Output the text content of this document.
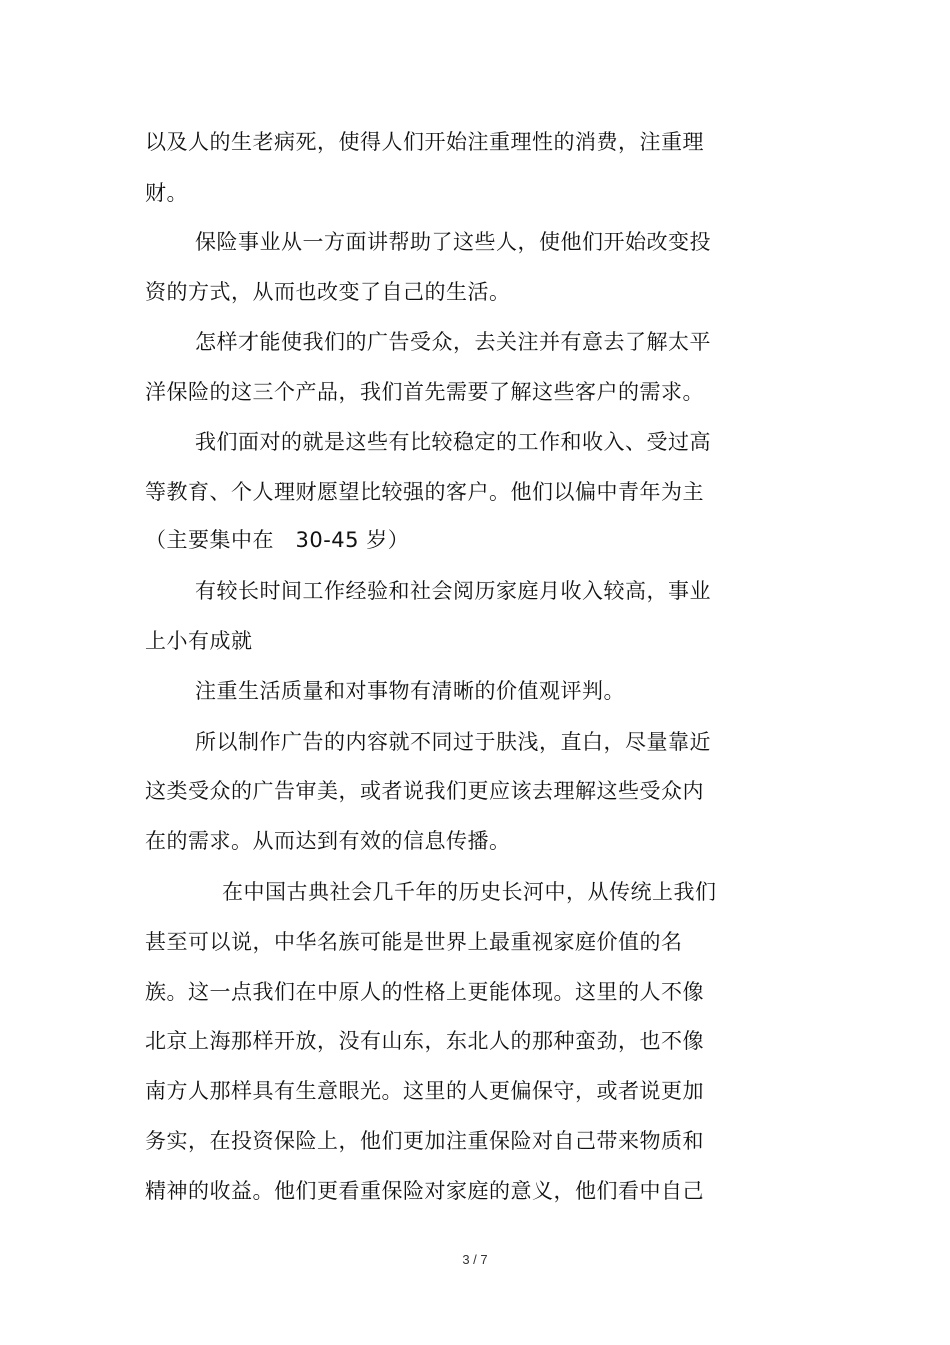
以及人的生老病死，使得人们开始注重理性的消费，注重理
财。
保险事业从一方面讲帮助了这些人，使他们开始改变投
资的方式，从而也改变了自己的生活。
怎样才能使我们的广告受众，去关注并有意去了解太平
洋保险的这三个产品，我们首先需要了解这些客户的需求。
我们面对的就是这些有比较稳定的工作和收入、受过高
等教育、个人理财愿望比较强的客户。他们以偏中青年为主
（主要集中在　30-45 岁）
有较长时间工作经验和社会阅历家庭月收入较高，事业
上小有成就
注重生活质量和对事物有清晰的价值观评判。
所以制作广告的内容就不同过于肤浅，直白，尽量靠近
这类受众的广告审美，或者说我们更应该去理解这些受众内
在的需求。从而达到有效的信息传播。
在中国古典社会几千年的历史长河中，从传统上我们
甚至可以说，中华名族可能是世界上最重视家庭价值的名
族。这一点我们在中原人的性格上更能体现。这里的人不像
北京上海那样开放，没有山东，东北人的那种蛮劲，也不像
南方人那样具有生意眼光。这里的人更偏保守，或者说更加
务实，在投资保险上，他们更加注重保险对自己带来物质和
精神的收益。他们更看重保险对家庭的意义，他们看中自己
3 / 7
